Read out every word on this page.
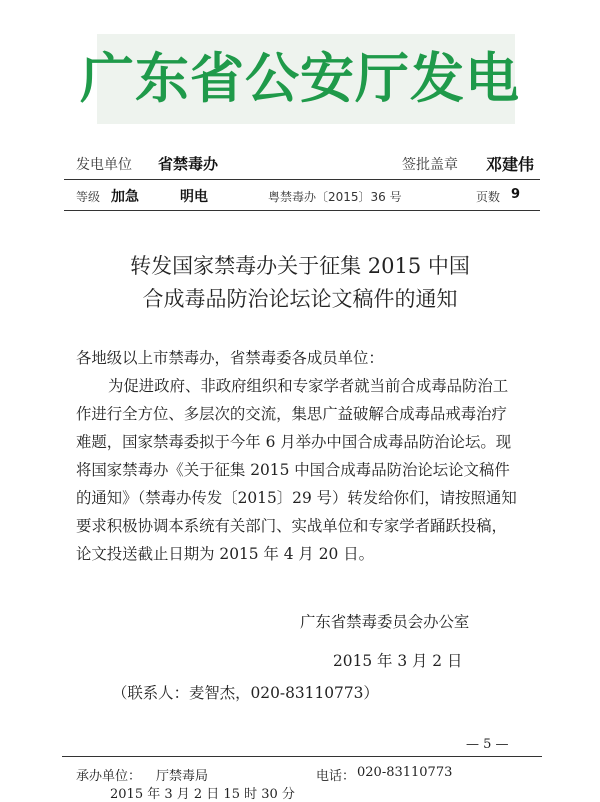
广东省公安厅发电
发电单位 省禁毒办	签批盖章 邓建伟
等级 加急	明电	粤禁毒办〔2015〕36 号	页数 9
转发国家禁毒办关于征集 2015 中国
合成毒品防治论坛论文稿件的通知
各地级以上市禁毒办，省禁毒委各成员单位：
为促进政府、非政府组织和专家学者就当前合成毒品防治工
作进行全方位、多层次的交流，集思广益破解合成毒品戒毒治疗
难题，国家禁毒委拟于今年 6 月举办中国合成毒品防治论坛。现
将国家禁毒办《关于征集 2015 中国合成毒品防治论坛论文稿件
的通知》（禁毒办传发〔2015〕29 号）转发给你们，请按照通知
要求积极协调本系统有关部门、实战单位和专家学者踊跃投稿，
论文投送截止日期为 2015 年 4 月 20 日。
广东省禁毒委员会办公室
2015 年 3 月 2 日
（联系人：麦智杰，020-83110773）
— 5 —
承办单位： 厅禁毒局	电话： 020-83110773
2015 年 3 月 2 日 15 时 30 分
